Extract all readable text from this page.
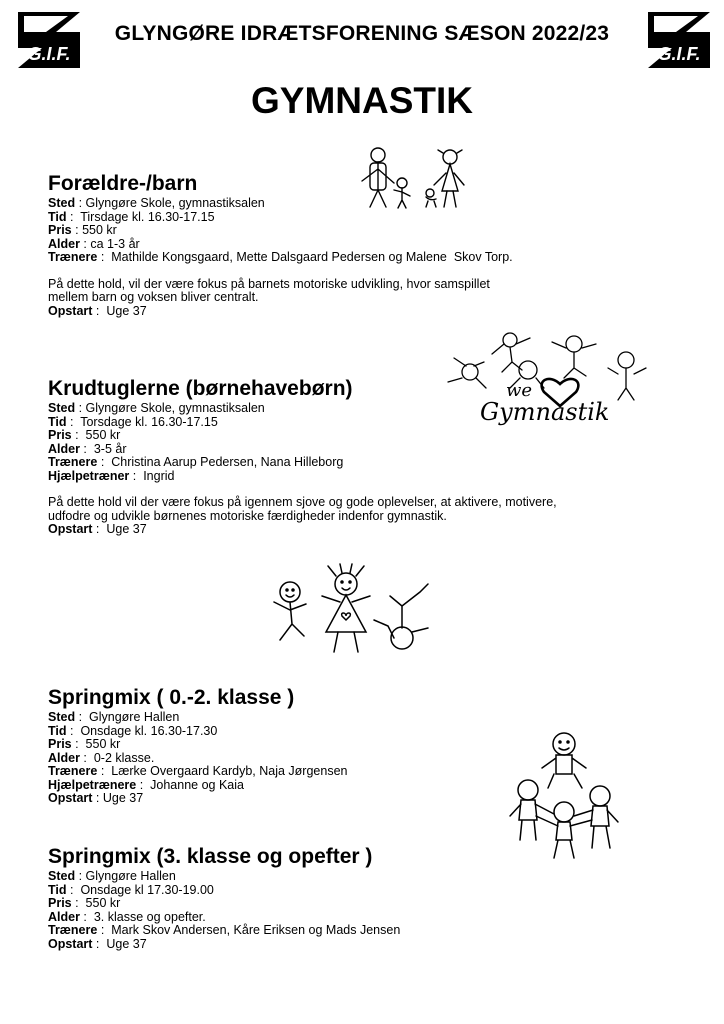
G.I.F.	G.I.F.
GLYNGØRE IDRÆTSFORENING SÆSON 2022/23
GYMNASTIK
Forældre-/barn
Sted : Glyngøre Skole, gymnastiksalen
Tid :  Tirsdage kl. 16.30-17.15
Pris : 550 kr
Alder : ca 1-3 år
Trænere :  Mathilde Kongsgaard, Mette Dalsgaard Pedersen og Malene  Skov Torp.
På dette hold, vil der være fokus på barnets motoriske udvikling, hvor samspillet
mellem barn og voksen bliver centralt.
Opstart :  Uge 37
Krudtuglerne (børnehavebørn)
Sted : Glyngøre Skole, gymnastiksalen
Tid :  Torsdage kl. 16.30-17.15
Pris :  550 kr
Alder :  3-5 år
Trænere :  Christina Aarup Pedersen, Nana Hilleborg
Hjælpetræner :  Ingrid
På dette hold vil der være fokus på igennem sjove og gode oplevelser, at aktivere, motivere,
udfodre og udvikle børnenes motoriske færdigheder indenfor gymnastik.
Opstart :  Uge 37
Springmix ( 0.-2. klasse )
Sted :  Glyngøre Hallen
Tid :  Onsdage kl. 16.30-17.30
Pris :  550 kr
Alder :  0-2 klasse.
Trænere :  Lærke Overgaard Kardyb, Naja Jørgensen
Hjælpetrænere :  Johanne og Kaia
Opstart : Uge 37
Springmix (3. klasse og opefter )
Sted : Glyngøre Hallen
Tid :  Onsdage kl 17.30-19.00
Pris :  550 kr
Alder :  3. klasse og opefter.
Trænere :  Mark Skov Andersen, Kåre Eriksen og Mads Jensen
Opstart :  Uge 37
we
Gymnastik
